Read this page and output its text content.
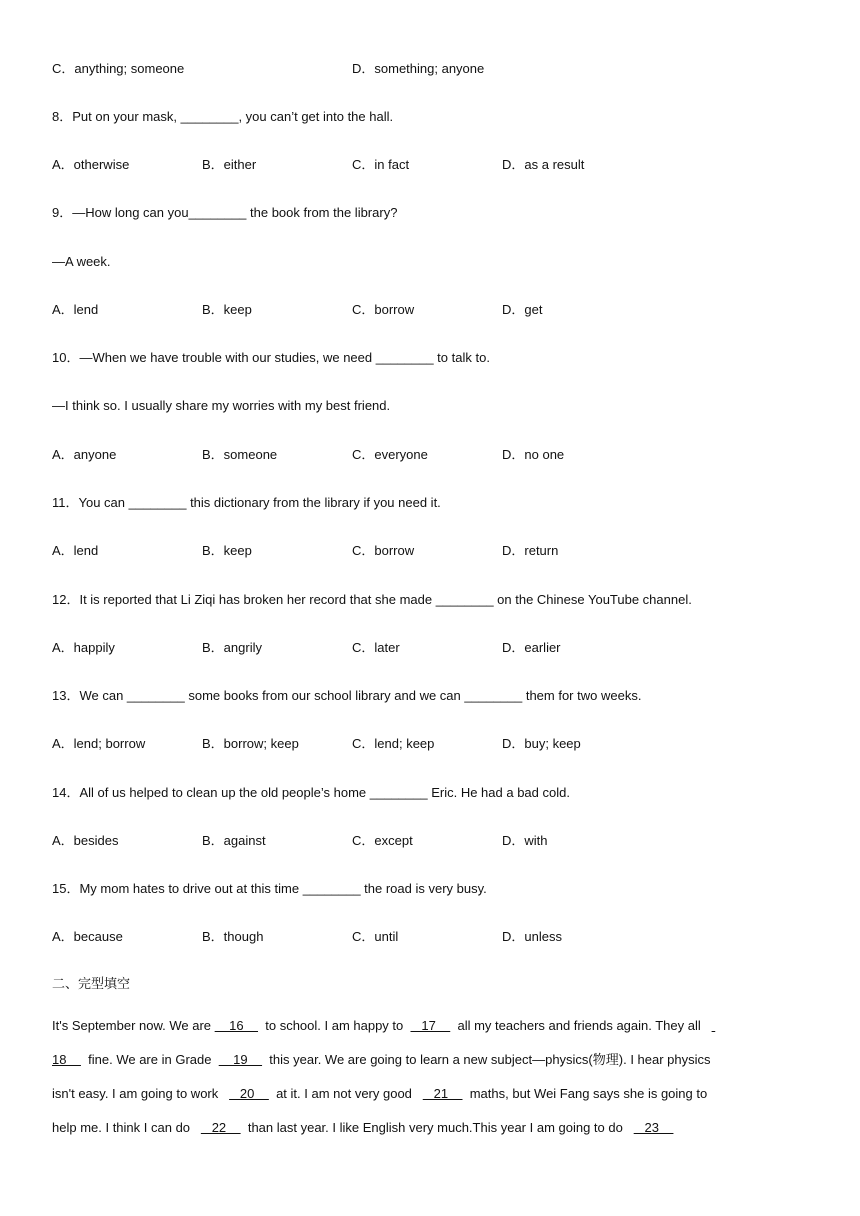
C．anything; someone	D．something; anyone
8．Put on your mask, ________, you can’t get into the hall.
A．otherwise	B．either	C．in fact	D．as a result
9．—How long can you________ the book from the library?
—A week.
A．lend	B．keep	C．borrow	D．get
10．—When we have trouble with our studies, we need ________ to talk to.
—I think so. I usually share my worries with my best friend.
A．anyone	B．someone	C．everyone	D．no one
11．You can ________ this dictionary from the library if you need it.
A．lend	B．keep	C．borrow	D．return
12．It is reported that Li Ziqi has broken her record that she made ________ on the Chinese YouTube channel.
A．happily	B．angrily	C．later	D．earlier
13．We can ________ some books from our school library and we can ________ them for two weeks.
A．lend; borrow	B．borrow; keep	C．lend; keep	D．buy; keep
14．All of us helped to clean up the old people’s home ________ Eric. He had a bad cold.
A．besides	B．against	C．except	D．with
15．My mom hates to drive out at this time ________ the road is very busy.
A．because	B．though	C．until	D．unless
二、完型填空
It's September now. We are     16      to school. I am happy to     17      all my teachers and friends again. They all
18      fine. We are in Grade      19      this year. We are going to learn a new subject—physics(物理). I hear physics
isn't easy. I am going to work      20      at it. I am not very good      21      maths, but Wei Fang says she is going to
help me. I think I can do      22      than last year. I like English very much.This year I am going to do      23
